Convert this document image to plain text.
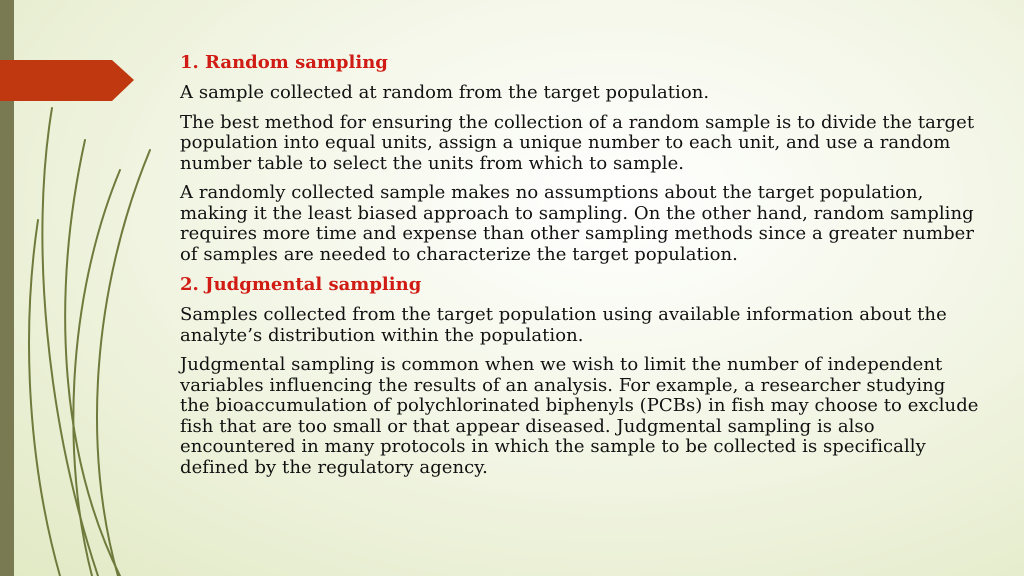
1. Random sampling
A sample collected at random from the target population.
The best method for ensuring the collection of a random sample is to divide the target population into equal units, assign a unique number to each unit, and use a random number table to select the units from which to sample.
A randomly collected sample makes no assumptions about the target population, making it the least biased approach to sampling. On the other hand, random sampling requires more time and expense than other sampling methods since a greater number of samples are needed to characterize the target population.
2. Judgmental sampling
Samples collected from the target population using available information about the analyte’s distribution within the population.
Judgmental sampling is common when we wish to limit the number of independent variables influencing the results of an analysis. For example, a researcher studying the bioaccumulation of polychlorinated biphenyls (PCBs) in fish may choose to exclude fish that are too small or that appear diseased. Judgmental sampling is also encountered in many protocols in which the sample to be collected is specifically defined by the regulatory agency.
